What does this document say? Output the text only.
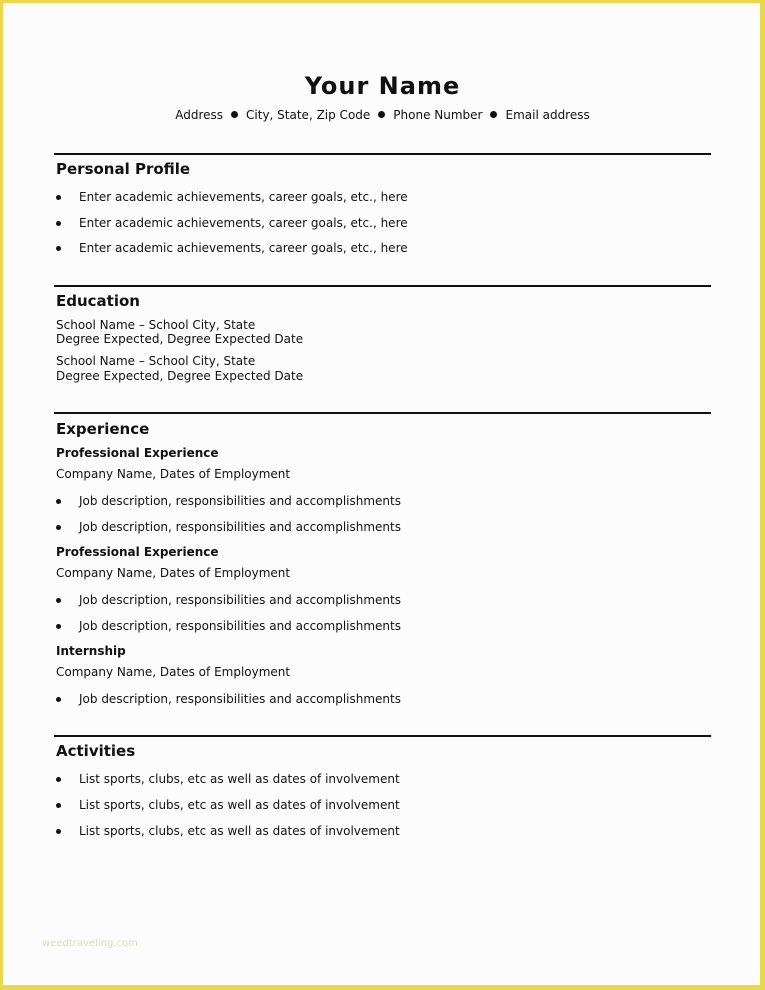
Your Name
Address City, State, Zip Code Phone Number Email address
Personal Profile
Enter academic achievements, career goals, etc., here
Enter academic achievements, career goals, etc., here
Enter academic achievements, career goals, etc., here
Education
School Name – School City, State
Degree Expected, Degree Expected Date
School Name – School City, State
Degree Expected, Degree Expected Date
Experience
Professional Experience
Company Name, Dates of Employment
Job description, responsibilities and accomplishments
Job description, responsibilities and accomplishments
Professional Experience
Company Name, Dates of Employment
Job description, responsibilities and accomplishments
Job description, responsibilities and accomplishments
Internship
Company Name, Dates of Employment
Job description, responsibilities and accomplishments
Activities
List sports, clubs, etc as well as dates of involvement
List sports, clubs, etc as well as dates of involvement
List sports, clubs, etc as well as dates of involvement
weedtraveling.com
